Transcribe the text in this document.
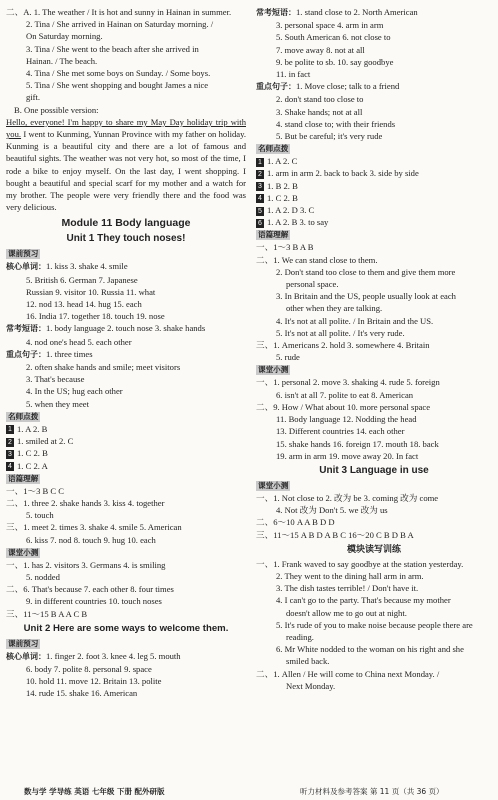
二、A. 1. The weather / It is hot and sunny in Hainan in summer.
2. Tina / She arrived in Hainan on Saturday morning. /
On Saturday morning.
3. Tina / She went to the beach after she arrived in
Hainan. / The beach.
4. Tina / She met some boys on Sunday. / Some boys.
5. Tina / She went shopping and bought James a nice
gift.
B. One possible version:
Hello, everyone! I'm happy to share my May Day holiday trip with you. I went to Kunming, Yunnan Province with my father on holiday. Kunming is a beautiful city and there are a lot of famous and beautiful sights. The weather was not very hot, so most of the time, I rode a bike to enjoy myself. On the last day, I went shopping. I bought a beautiful and special scarf for my mother and a watch for my brother. The people were very friendly there and the food was very delicious.
Module 11 Body language
Unit 1 They touch noses!
课前预习
核心单词：1. kiss 3. shake 4. smile
5. British 6. German 7. Japanese
Russian 9. visitor 10. Russia 11. what
12. nod 13. head 14. hug 15. each
16. India 17. together 18. touch 19. nose
常考短语：1. body language 2. touch nose 3. shake hands
4. nod one's head 5. each other
重点句子：1. three times
2. often shake hands and smile; meet visitors
3. That's because
4. In the US; hug each other
5. when they meet
名师点拨
1 1. A 2. B
2 1. smiled at 2. C
3 1. C 2. B
4 1. C 2. A
语篇理解
一、1～3 B C C
二、1. three 2. shake hands 3. kiss 4. together
5. touch
三、1. meet 2. times 3. shake 4. smile 5. American
6. kiss 7. nod 8. touch 9. hug 10. each
课堂小测
一、1. has 2. visitors 3. Germans 4. is smiling
5. nodded
二、6. That's because 7. each other 8. four times
9. in different countries 10. touch noses
三、11～15 B A A C B
Unit 2 Here are some ways to welcome them.
课前预习
核心单词：1. finger 2. foot 3. knee 4. leg 5. mouth
6. body 7. polite 8. personal 9. space
10. hold 11. move 12. Britain 13. polite
14. rude 15. shake 16. American
常考短语：1. stand close to 2. North American
3. personal space 4. arm in arm
5. South American 6. not close to
7. move away 8. not at all
9. be polite to sb. 10. say goodbye
11. in fact
重点句子：1. Move close; talk to a friend
2. don't stand too close to
3. Shake hands; not at all
4. stand close to; with their friends
5. But be careful; it's very rude
名师点拨
1 1. A 2. C
2 1. arm in arm 2. back to back 3. side by side
3 1. B 2. B
4 1. C 2. B
5 1. A 2. D 3. C
6 1. A 2. B 3. to say
语篇理解
一、1～3 B A B
二、1. We can stand close to them.
2. Don't stand too close to them and give them more
personal space.
3. In Britain and the US, people usually look at each
other when they are talking.
4. It's not at all polite. / In Britain and the US.
5. It's not at all polite. / It's very rude.
三、1. Americans 2. hold 3. somewhere 4. Britain
5. rude
课堂小测
一、1. personal 2. move 3. shaking 4. rude 5. foreign
6. isn't at all 7. polite to eat 8. American
二、9. How / What about 10. more personal space
11. Body language 12. Nodding the head
13. Different countries 14. each other
15. shake hands 16. foreign 17. mouth 18. back
19. arm in arm 19. move away 20. In fact
Unit 3 Language in use
课堂小测
一、1. Not close to 2. 改为 be 3. coming 改为 come
4. Not 改为 Don't 5. we 改为 us
二、6～10 A A B D D
三、11～15 A B D A B C 16～20 C B D B A
模块读写训练
一、1. Frank waved to say goodbye at the station yesterday.
2. They went to the dining hall arm in arm.
3. The dish tastes terrible! / Don't have it.
4. I can't go to the party. That's because my mother
doesn't allow me to go out at night.
5. It's rude of you to make noise because people there are
reading.
6. Mr White nodded to the woman on his right and she
smiled back.
二、1. Allen / He will come to China next Monday. /
Next Monday.
数与学 学导练 英语 七年级 下册 配外研版	听力材料及参考答案 第 11 页（共 36 页）
